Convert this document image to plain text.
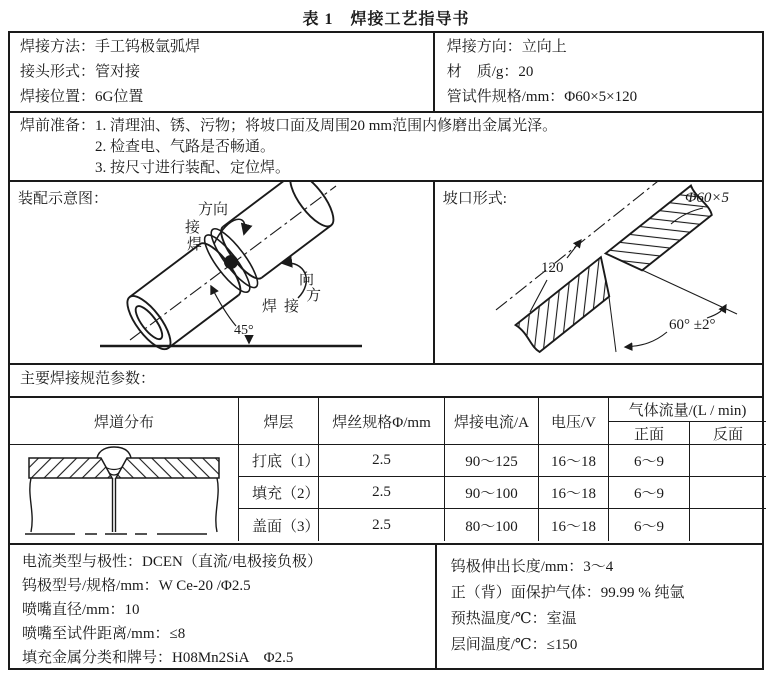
表 1　焊接工艺指导书
焊接方法：手工钨极氩弧焊
接头形式：管对接
焊接位置：6G位置
焊接方向：立向上
材　质/g：20
管试件规格/mm：Φ60×5×120
焊前准备： 1. 清理油、锈、污物；将坡口面及周围20 mm范围内修磨出金属光泽。
2. 检查电、气路是否畅通。
3. 按尺寸进行装配、定位焊。
装配示意图：
方向
接
焊
向
方
焊 接
45°
坡口形式:	Φ60×5
120
60° ±2°
主要焊接规范参数：
焊道分布	焊层	焊丝规格Φ/mm	焊接电流/A	电压/V
气体流量/(L / min)
正面	反面
打底（1）	2.5	90～125	16～18	6～9
填充（2）	2.5	90～100	16～18	6～9
盖面（3）	2.5	80～100	16～18	6～9
电流类型与极性：DCEN（直流/电极接负极）
钨极型号/规格/mm：W Ce-20 /Φ2.5
喷嘴直径/mm：10
喷嘴至试件距离/mm：≤8
填充金属分类和牌号：H08Mn2SiA　Φ2.5
钨极伸出长度/mm：3～4
正（背）面保护气体：99.99 % 纯氩
预热温度/℃：室温
层间温度/℃：≤150
